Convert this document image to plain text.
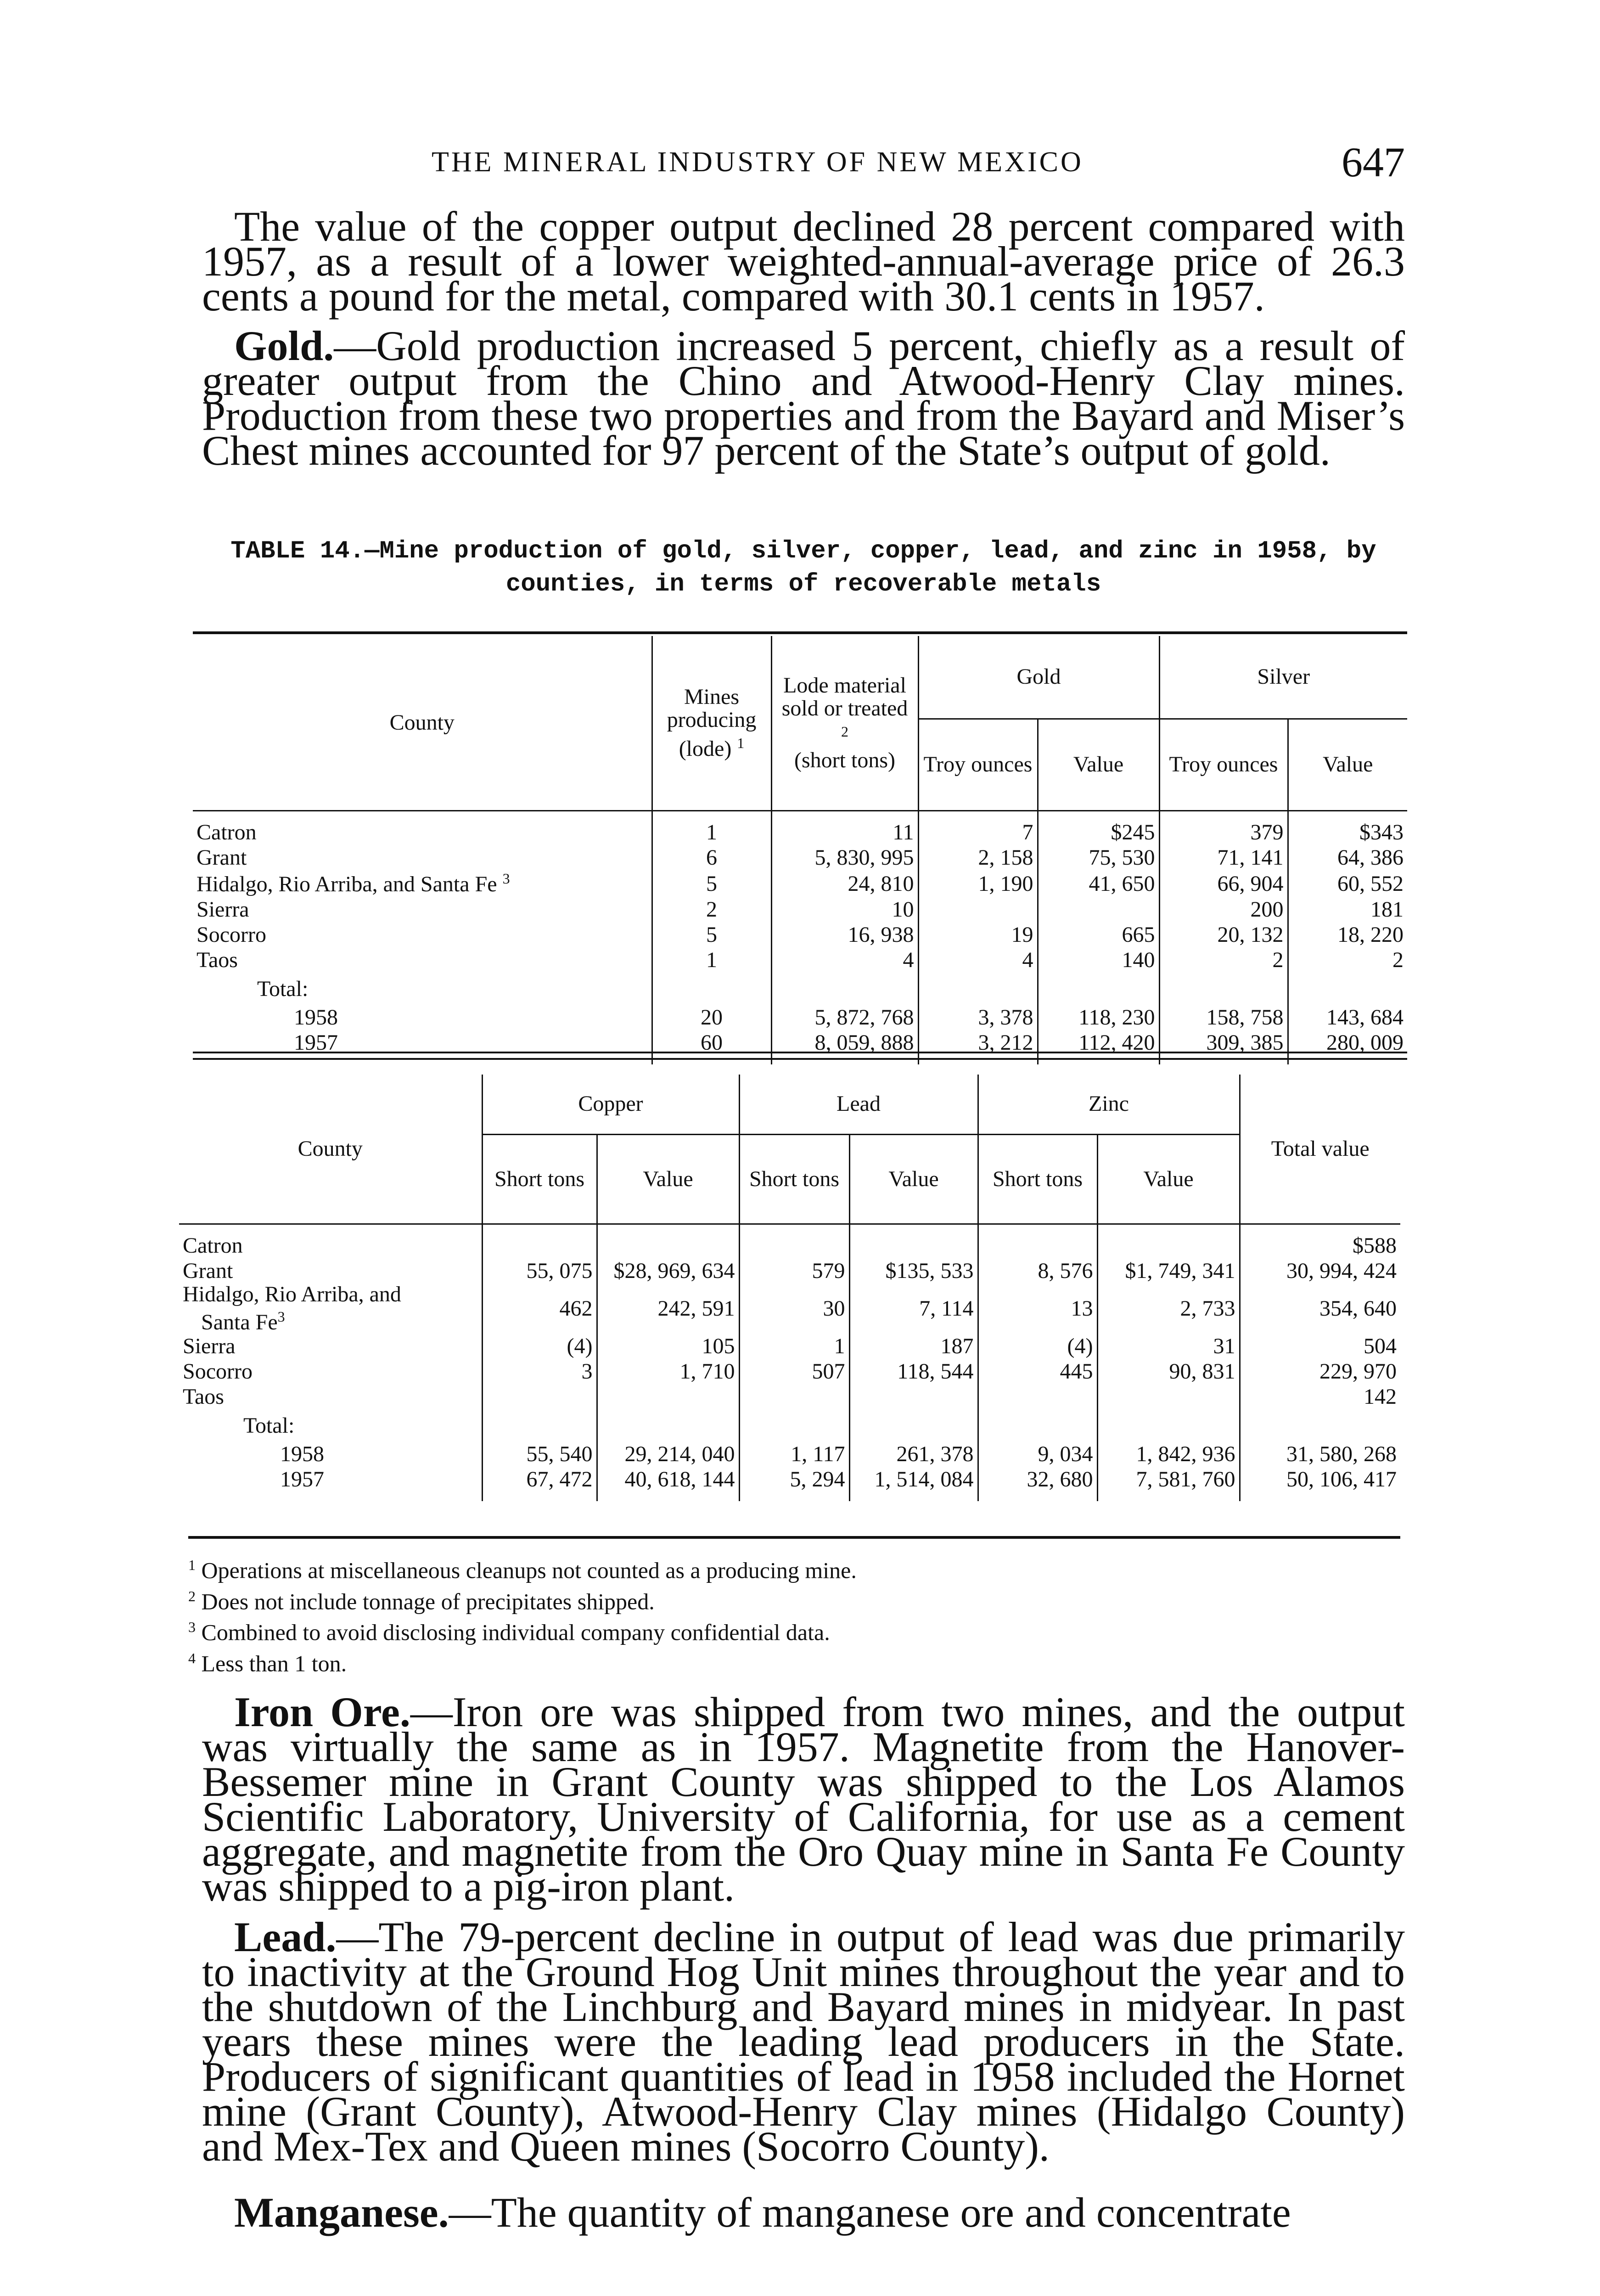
THE MINERAL INDUSTRY OF NEW MEXICO	647

The value of the copper output declined 28 percent compared with 1957, as a result of a lower weighted-annual-average price of 26.3 cents a pound for the metal, compared with 30.1 cents in 1957.

Gold.—Gold production increased 5 percent, chiefly as a result of greater output from the Chino and Atwood-Henry Clay mines. Production from these two properties and from the Bayard and Miser’s Chest mines accounted for 97 percent of the State’s output of gold.

TABLE 14.—Mine production of gold, silver, copper, lead, and zinc in 1958, by
counties, in terms of recoverable metals
County	Mines producing (lode) $^1$	Lode material sold or treated $^2$
(short tons)	Gold		Silver	
			Troy ounces	Value	Troy ounces	Value

Catron	1	11	7	$245	379	$343
Grant	6	5, 830, 995	2, 158	75, 530	71, 141	64, 386
Hidalgo, Rio Arriba, and Santa Fe $^3$	5	24, 810	1, 190	41, 650	66, 904	60, 552
Sierra	2	10			200	181
Socorro	5	16, 938	19	665	20, 132	18, 220
Taos	1	4	4	140	2	2
Total:						
1958	20	5, 872, 768	3, 378	118, 230	158, 758	143, 684
1957	60	8, 059, 888	3, 212	112, 420	309, 385	280, 009

County	Copper		Lead		Zinc		Total value
	Short tons	Value	Short tons	Value	Short tons	Value	

Catron							$588
Grant	55, 075	$28, 969, 634	579	$135, 533	8, 576	$1, 749, 341	30, 994, 424
Hidalgo, Rio Arriba, and
Santa Fe$^3$	462	242, 591	30	7, 114	13	2, 733	354, 640
Sierra	(4)	105	1	187	(4)	31	504
Socorro	3	1, 710	507	118, 544	445	90, 831	229, 970
Taos							142
Total:							
1958	55, 540	29, 214, 040	1, 117	261, 378	9, 034	1, 842, 936	31, 580, 268
1957	67, 472	40, 618, 144	5, 294	1, 514, 084	32, 680	7, 581, 760	50, 106, 417

$^1$ Operations at miscellaneous cleanups not counted as a producing mine.
$^2$ Does not include tonnage of precipitates shipped.
$^3$ Combined to avoid disclosing individual company confidential data.
$^4$ Less than 1 ton.

Iron Ore.—Iron ore was shipped from two mines, and the output was virtually the same as in 1957. Magnetite from the Hanover-Bessemer mine in Grant County was shipped to the Los Alamos Scientific Laboratory, University of California, for use as a cement aggregate, and magnetite from the Oro Quay mine in Santa Fe County was shipped to a pig-iron plant.

Lead.—The 79-percent decline in output of lead was due primarily to inactivity at the Ground Hog Unit mines throughout the year and to the shutdown of the Linchburg and Bayard mines in midyear. In past years these mines were the leading lead producers in the State. Producers of significant quantities of lead in 1958 included the Hornet mine (Grant County), Atwood-Henry Clay mines (Hidalgo County) and Mex-Tex and Queen mines (Socorro County).

Manganese.—The quantity of manganese ore and concentrate
